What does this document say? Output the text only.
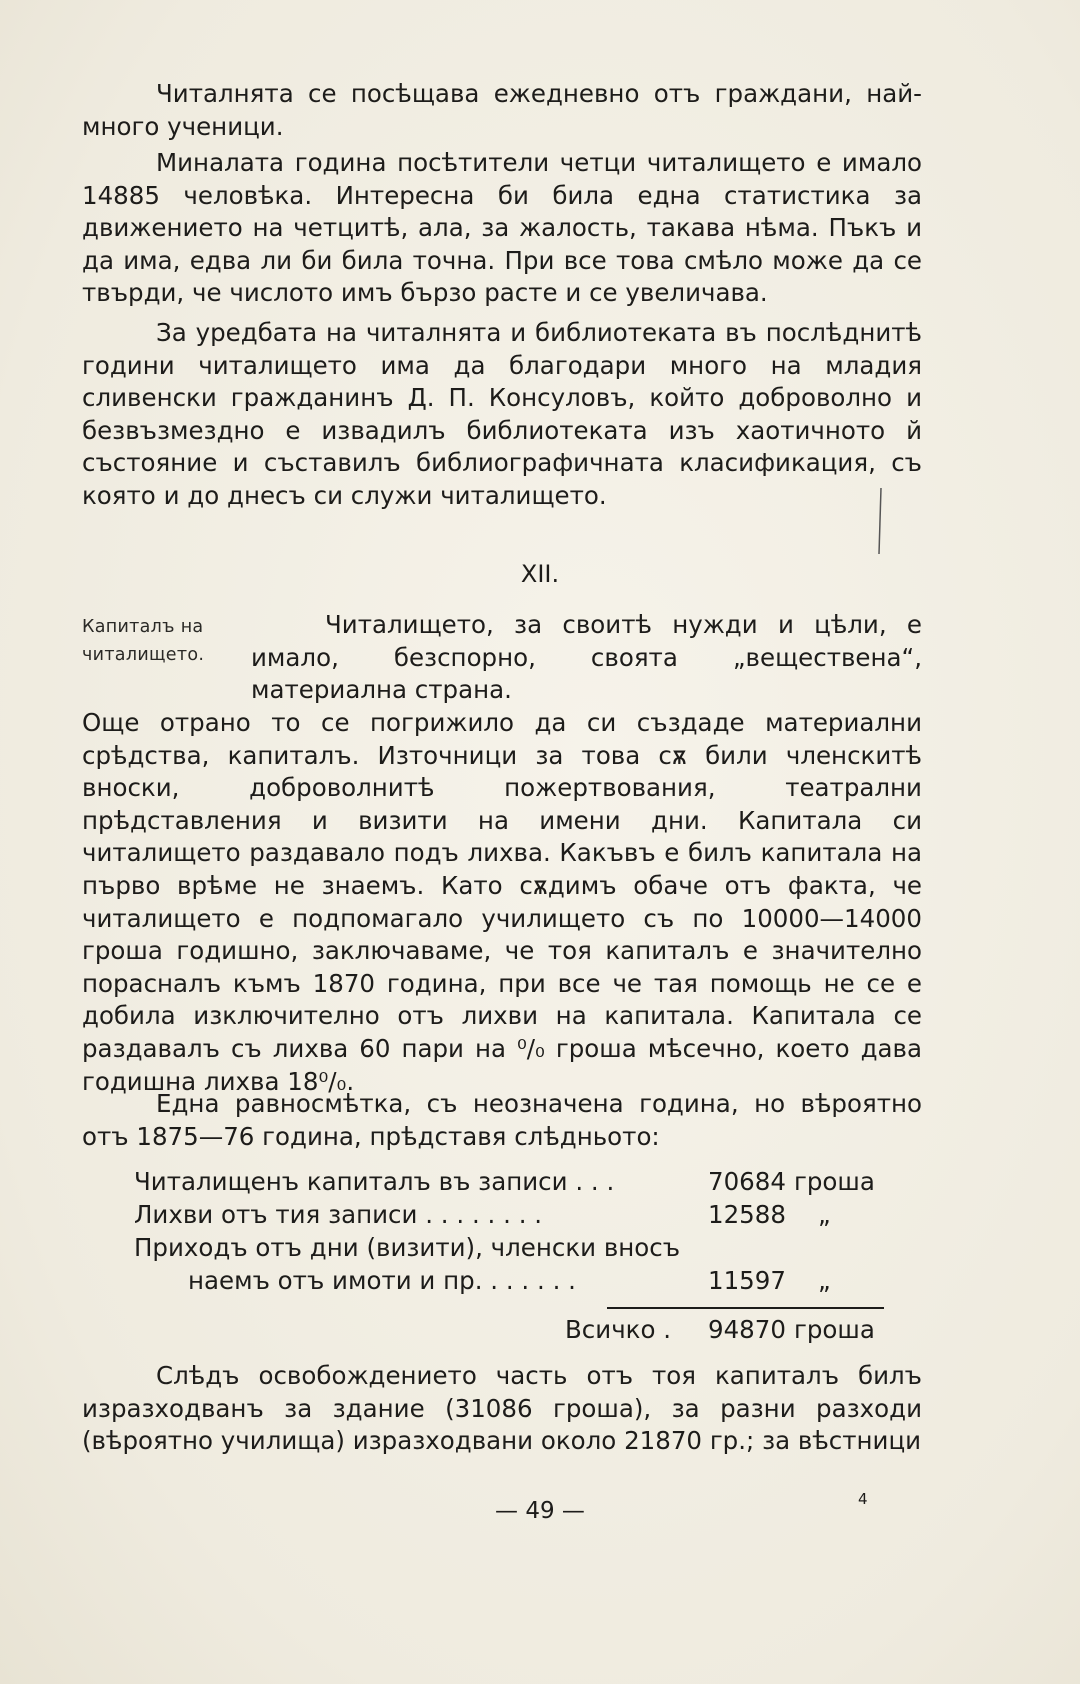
Читалнята се посѣщава ежедневно отъ граждани, най-много ученици.

Миналата година посѣтители четци читалището е имало 14885 человѣка. Интересна би била една статистика за движението на четцитѣ, ала, за жалость, такава нѣма. Пъкъ и да има, едва ли би била точна. При все това смѣло може да се твърди, че числото имъ бързо расте и се увеличава.

За уредбата на читалнята и библиотеката въ послѣднитѣ години читалището има да благодари много на младия сливенски гражданинъ Д. П. Консуловъ, който доброволно и безвъзмездно е извадилъ библиотеката изъ хаотичното й състояние и съставилъ библиографичната класификация, съ която и до днесъ си служи читалището.

XII.
Капиталъ на
читалището.

Читалището, за своитѣ нужди и цѣли, е имало, безспорно, своята „веществена“, материална страна.

Още отрано то се погрижило да си създаде материални срѣдства, капиталъ. Източници за това сѫ били членскитѣ вноски, доброволнитѣ пожертвования, театрални прѣдставления и визити на имени дни. Капитала си читалището раздавало подъ лихва. Какъвъ е билъ капитала на първо врѣме не знаемъ. Като сѫдимъ обаче отъ факта, че читалището е подпомагало училището съ по 10000—14000 гроша годишно, заключаваме, че тоя капиталъ е значително порасналъ къмъ 1870 година, при все че тая помощь не се е добила изключително отъ лихви на капитала. Капитала се раздавалъ съ лихва 60 пари на ⁰/₀ гроша мѣсечно, което дава годишна лихва 18⁰/₀.

Една равносмѣтка, съ неозначена година, но вѣроятно отъ 1875—76 година, прѣдставя слѣдньото:

Читалищенъ капиталъ въ записи . . .	70684 гроша
Лихви отъ тия записи . . . . . . . .	12588 „
Приходъ отъ дни (визити), членски вносъ
наемъ отъ имоти и пр. . . . . . .	11597 „
Всичко . 94870 гроша

Слѣдъ освобождението часть отъ тоя капиталъ билъ изразходванъ за здание (31086 гроша), за разни разходи (вѣроятно училища) изразходвани около 21870 гр.; за вѣстници

— 49 —	4
